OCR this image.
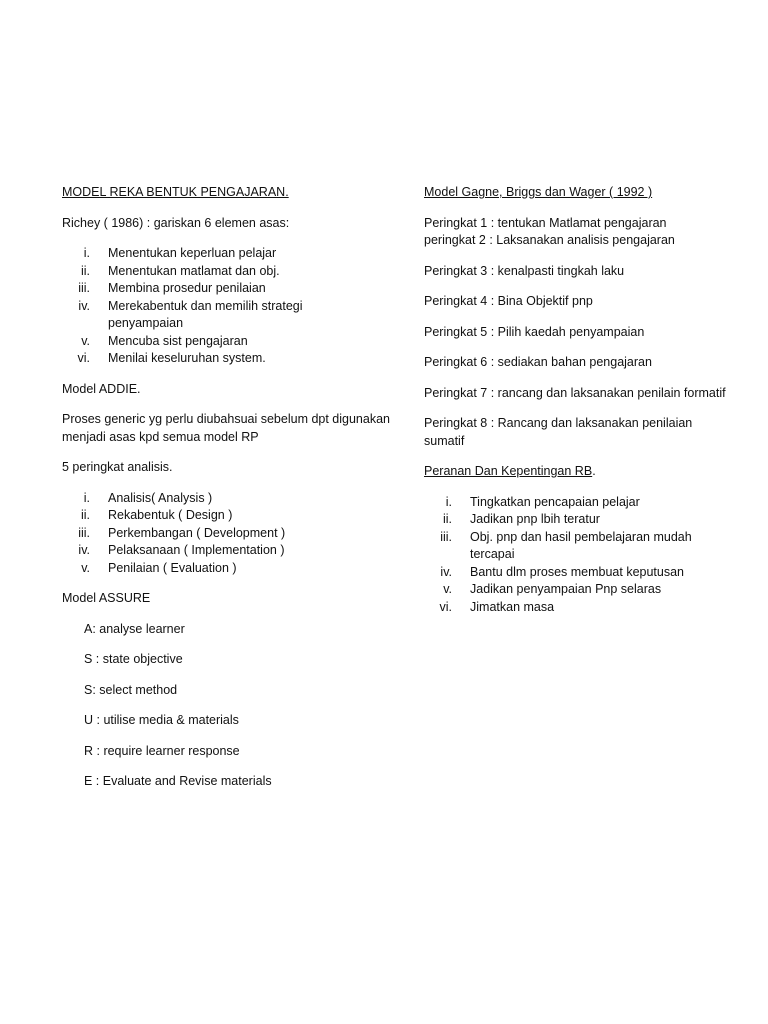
MODEL REKA BENTUK PENGAJARAN.

Richey ( 1986) : gariskan 6 elemen asas:

i. Menentukan keperluan pelajar
ii. Menentukan matlamat dan obj.
iii. Membina prosedur penilaian
iv. Merekabentuk dan memilih strategi penyampaian
v. Mencuba sist pengajaran
vi. Menilai keseluruhan system.

Model ADDIE.

Proses generic yg perlu diubahsuai sebelum dpt digunakan menjadi asas kpd semua model RP

5 peringkat analisis.

i. Analisis( Analysis )
ii. Rekabentuk ( Design )
iii. Perkembangan ( Development )
iv. Pelaksanaan ( Implementation )
v. Penilaian ( Evaluation )

Model ASSURE

A: analyse learner

S : state objective

S: select method

U : utilise media & materials

R : require learner response

E : Evaluate and Revise materials

Model Gagne, Briggs dan Wager ( 1992 )

Peringkat 1 : tentukan Matlamat pengajaran

peringkat 2 : Laksanakan analisis pengajaran

Peringkat 3 : kenalpasti tingkah laku

Peringkat 4 : Bina Objektif pnp

Peringkat 5 : Pilih kaedah penyampaian

Peringkat 6 : sediakan bahan pengajaran

Peringkat 7 : rancang dan laksanakan penilain formatif

Peringkat 8 : Rancang dan laksanakan penilaian sumatif

Peranan Dan Kepentingan RB.

i. Tingkatkan pencapaian pelajar
ii. Jadikan pnp lbih teratur
iii. Obj. pnp dan hasil pembelajaran mudah tercapai
iv. Bantu dlm proses membuat keputusan
v. Jadikan penyampaian Pnp selaras
vi. Jimatkan masa
